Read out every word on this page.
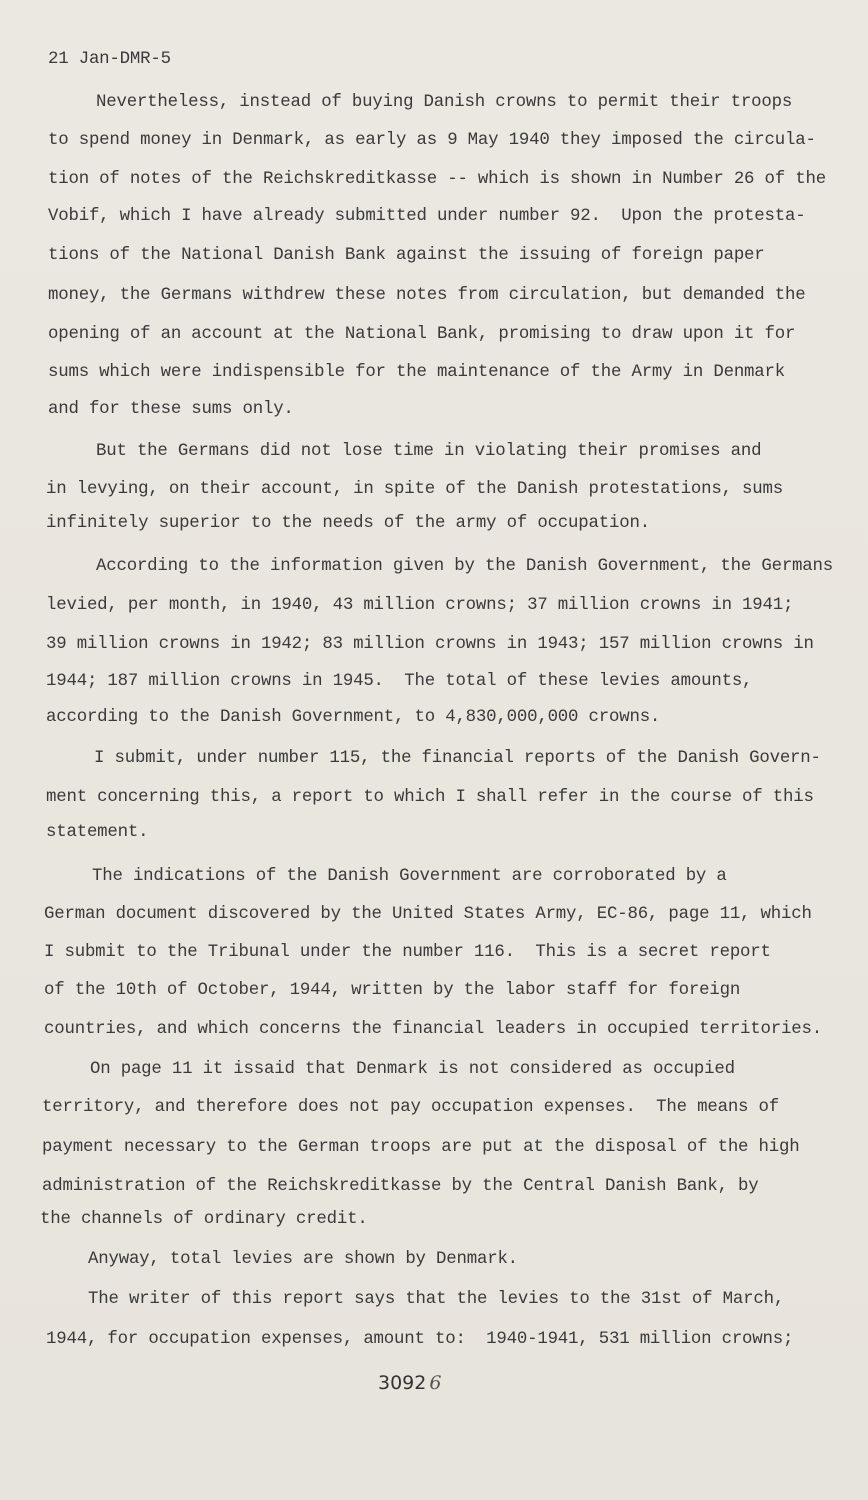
21 Jan-DMR-5
Nevertheless, instead of buying Danish crowns to permit their troops
to spend money in Denmark, as early as 9 May 1940 they imposed the circula-
tion of notes of the Reichskreditkasse -- which is shown in Number 26 of the
Vobif, which I have already submitted under number 92.  Upon the protesta-
tions of the National Danish Bank against the issuing of foreign paper
money, the Germans withdrew these notes from circulation, but demanded the
opening of an account at the National Bank, promising to draw upon it for
sums which were indispensible for the maintenance of the Army in Denmark
and for these sums only.
But the Germans did not lose time in violating their promises and
in levying, on their account, in spite of the Danish protestations, sums
infinitely superior to the needs of the army of occupation.
According to the information given by the Danish Government, the Germans
levied, per month, in 1940, 43 million crowns; 37 million crowns in 1941;
39 million crowns in 1942; 83 million crowns in 1943; 157 million crowns in
1944; 187 million crowns in 1945.  The total of these levies amounts,
according to the Danish Government, to 4,830,000,000 crowns.
I submit, under number 115, the financial reports of the Danish Govern-
ment concerning this, a report to which I shall refer in the course of this
statement.
The indications of the Danish Government are corroborated by a
German document discovered by the United States Army, EC-86, page 11, which
I submit to the Tribunal under the number 116.  This is a secret report
of the 10th of October, 1944, written by the labor staff for foreign
countries, and which concerns the financial leaders in occupied territories.
On page 11 it issaid that Denmark is not considered as occupied
territory, and therefore does not pay occupation expenses.  The means of
payment necessary to the German troops are put at the disposal of the high
administration of the Reichskreditkasse by the Central Danish Bank, by
the channels of ordinary credit.
Anyway, total levies are shown by Denmark.
The writer of this report says that the levies to the 31st of March,
1944, for occupation expenses, amount to:  1940-1941, 531 million crowns;
3092 6
